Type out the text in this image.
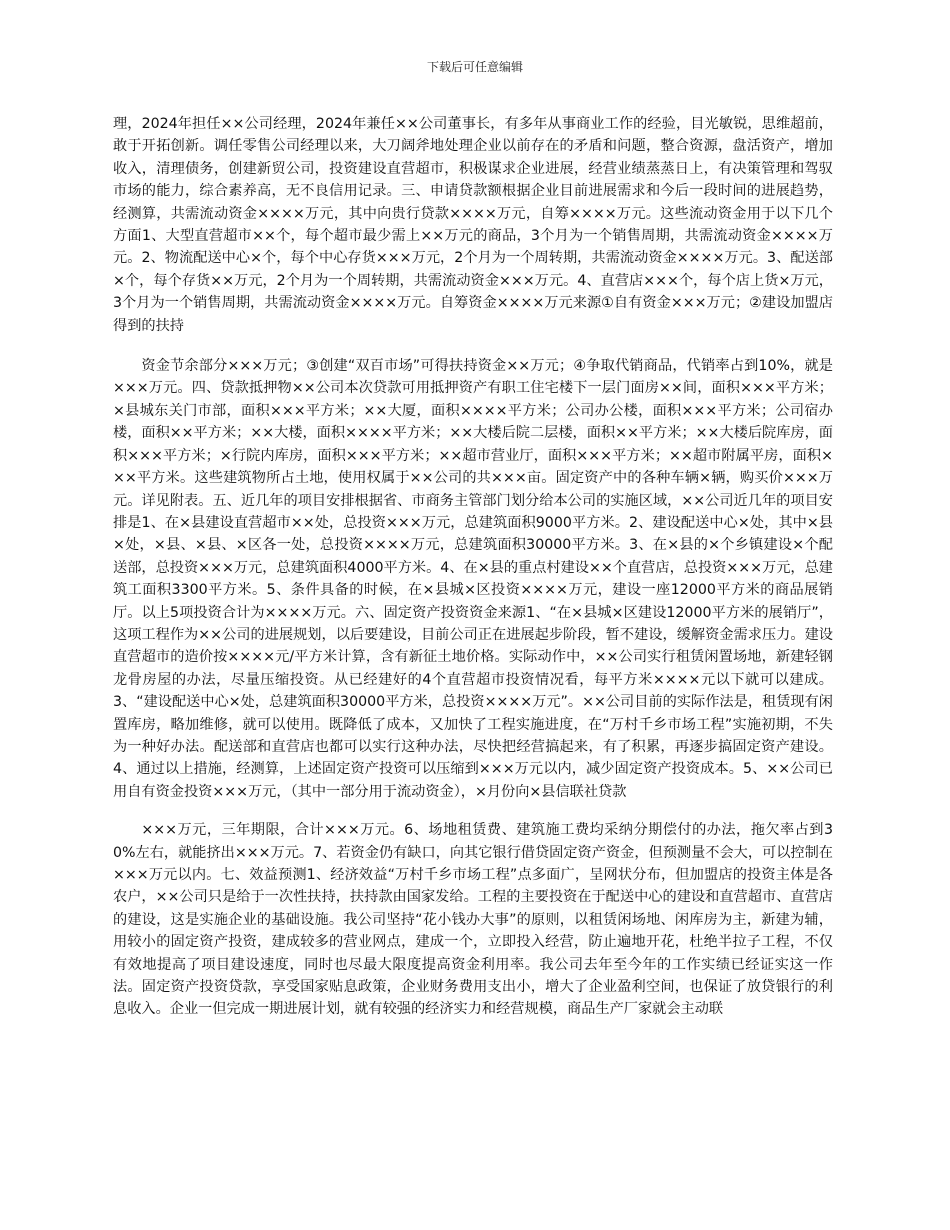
下载后可任意编辑

理，2024年担任××公司经理，2024年兼任××公司董事长，有多年从事商业工作的经验，目光敏锐，思维超前，敢于开拓创新。调任零售公司经理以来，大刀阔斧地处理企业以前存在的矛盾和问题，整合资源，盘活资产，增加收入，清理债务，创建新贸公司，投资建设直营超市，积极谋求企业进展，经营业绩蒸蒸日上，有决策管理和驾驭市场的能力，综合素养高，无不良信用记录。三、申请贷款额根据企业目前进展需求和今后一段时间的进展趋势，经测算，共需流动资金××××万元，其中向贵行贷款××××万元，自筹××××万元。这些流动资金用于以下几个方面1、大型直营超市××个，每个超市最少需上××万元的商品，3个月为一个销售周期，共需流动资金××××万元。2、物流配送中心×个，每个中心存货×××万元，2个月为一个周转期，共需流动资金××××万元。3、配送部×个，每个存货××万元，2个月为一个周转期，共需流动资金×××万元。4、直营店×××个，每个店上货×万元，3个月为一个销售周期，共需流动资金××××万元。自筹资金××××万元来源①自有资金×××万元；②建设加盟店得到的扶持

资金节余部分×××万元；③创建“双百市场”可得扶持资金××万元；④争取代销商品，代销率占到10%，就是×××万元。四、贷款抵押物××公司本次贷款可用抵押资产有职工住宅楼下一层门面房××间，面积×××平方米；×县城东关门市部，面积×××平方米；××大厦，面积××××平方米；公司办公楼，面积×××平方米；公司宿办楼，面积××平方米；××大楼，面积××××平方米；××大楼后院二层楼，面积××平方米；××大楼后院库房，面积×××平方米；×行院内库房，面积×××平方米；××超市营业厅，面积×××平方米；××超市附属平房，面积×××平方米。这些建筑物所占土地，使用权属于××公司的共×××亩。固定资产中的各种车辆×辆，购买价×××万元。详见附表。五、近几年的项目安排根据省、市商务主管部门划分给本公司的实施区域，××公司近几年的项目安排是1、在×县建设直营超市××处，总投资×××万元，总建筑面积9000平方米。2、建设配送中心×处，其中×县×处，×县、×县、×区各一处，总投资××××万元，总建筑面积30000平方米。3、在×县的×个乡镇建设×个配送部，总投资×××万元，总建筑面积4000平方米。4、在×县的重点村建设××个直营店，总投资×××万元，总建筑工面积3300平方米。5、条件具备的时候，在×县城×区投资××××万元，建设一座12000平方米的商品展销厅。以上5项投资合计为××××万元。六、固定资产投资资金来源1、“在×县城×区建设12000平方米的展销厅”，这项工程作为××公司的进展规划，以后要建设，目前公司正在进展起步阶段，暂不建设，缓解资金需求压力。建设直营超市的造价按××××元/平方米计算，含有新征土地价格。实际动作中，××公司实行租赁闲置场地，新建轻钢龙骨房屋的办法，尽量压缩投资。从已经建好的4个直营超市投资情况看，每平方米××××元以下就可以建成。3、“建设配送中心×处，总建筑面积30000平方米，总投资××××万元”。××公司目前的实际作法是，租赁现有闲置库房，略加维修，就可以使用。既降低了成本，又加快了工程实施进度，在“万村千乡市场工程”实施初期，不失为一种好办法。配送部和直营店也都可以实行这种办法，尽快把经营搞起来，有了积累，再逐步搞固定资产建设。4、通过以上措施，经测算，上述固定资产投资可以压缩到×××万元以内，减少固定资产投资成本。5、××公司已用自有资金投资×××万元，（其中一部分用于流动资金），×月份向×县信联社贷款

×××万元，三年期限，合计×××万元。6、场地租赁费、建筑施工费均采纳分期偿付的办法，拖欠率占到30%左右，就能挤出×××万元。7、若资金仍有缺口，向其它银行借贷固定资产资金，但预测量不会大，可以控制在×××万元以内。七、效益预测1、经济效益“万村千乡市场工程”点多面广，呈网状分布，但加盟店的投资主体是各农户，××公司只是给于一次性扶持，扶持款由国家发给。工程的主要投资在于配送中心的建设和直营超市、直营店的建设，这是实施企业的基础设施。我公司坚持“花小钱办大事”的原则，以租赁闲场地、闲库房为主，新建为辅，用较小的固定资产投资，建成较多的营业网点，建成一个，立即投入经营，防止遍地开花，杜绝半拉子工程，不仅有效地提高了项目建设速度，同时也尽最大限度提高资金利用率。我公司去年至今年的工作实绩已经证实这一作法。固定资产投资贷款，享受国家贴息政策，企业财务费用支出小，增大了企业盈利空间，也保证了放贷银行的利息收入。企业一但完成一期进展计划，就有较强的经济实力和经营规模，商品生产厂家就会主动联
